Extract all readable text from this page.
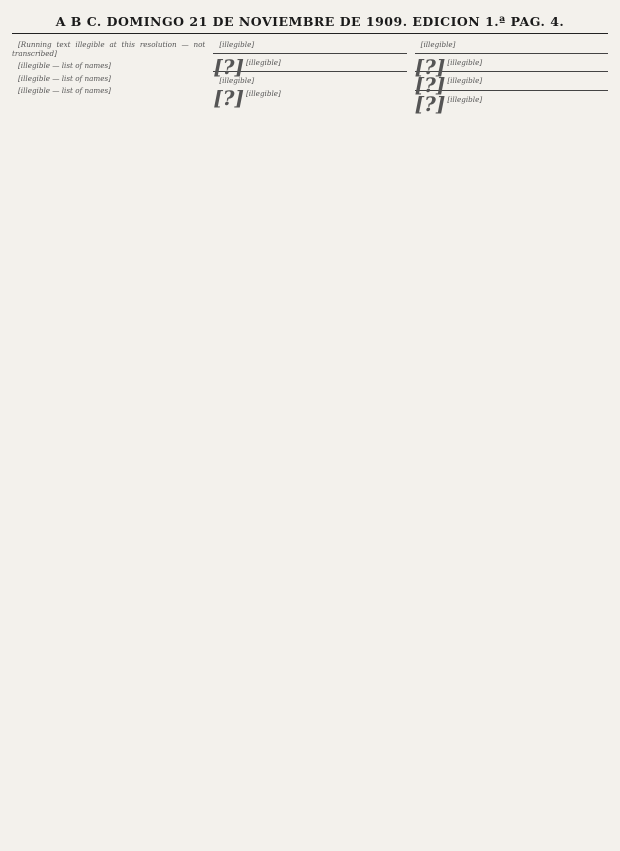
A B C. DOMINGO 21 DE NOVIEMBRE DE 1909. EDICION 1.ª PAG. 4.

[Running text illegible at this resolution — not transcribed]

[illegible — list of names]

[illegible — list of names]

[illegible — list of names]

[illegible]

[?] [illegible]

[illegible]

[?] [illegible]

[illegible]

[?] [illegible]

[?] [illegible]

[?] [illegible]
